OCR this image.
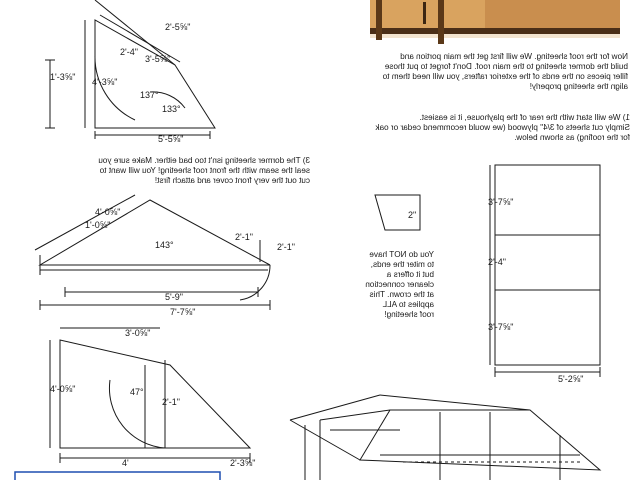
Now for the roof sheeting. We will first get the main portion and
build the dormer sheeting to the main roof. Don't forget to put those
filler pieces on the ends of the exterior rafters, you will need them to
align the sheeting properly!
1) We will start with the rear of the playhouse, it is easiest.
Simply cut sheets of 3/4" plywood (we would recommend cedar or oak
for the roofing) as shown below.
3) The dormer sheeting isn't too bad either. Make sure you
seal the seam with the front roof sheeting! You will want to
cut out the very front cover and attach first!
You do NOT have
to miter the ends,
but it offers a
cleaner connection
at the crown. This
applies to ALL
roof sheeting!
5'-5⅝"
137°
133°
3'-5⅝"
2'-4"
1'-3⅝" 4'-3⅝"
2'-5⅝"
143°
5'-9"
7'-7⅝"
4'-0⅝"
1'-0⅝"
2'-1"
2'-1"
3'-0⅝"
4'-0⅝"	47°
2'-1"
4'	2'-3⅝"
3'-7⅝"
2'-4"
3'-7⅝"
5'-2⅝"
2"
